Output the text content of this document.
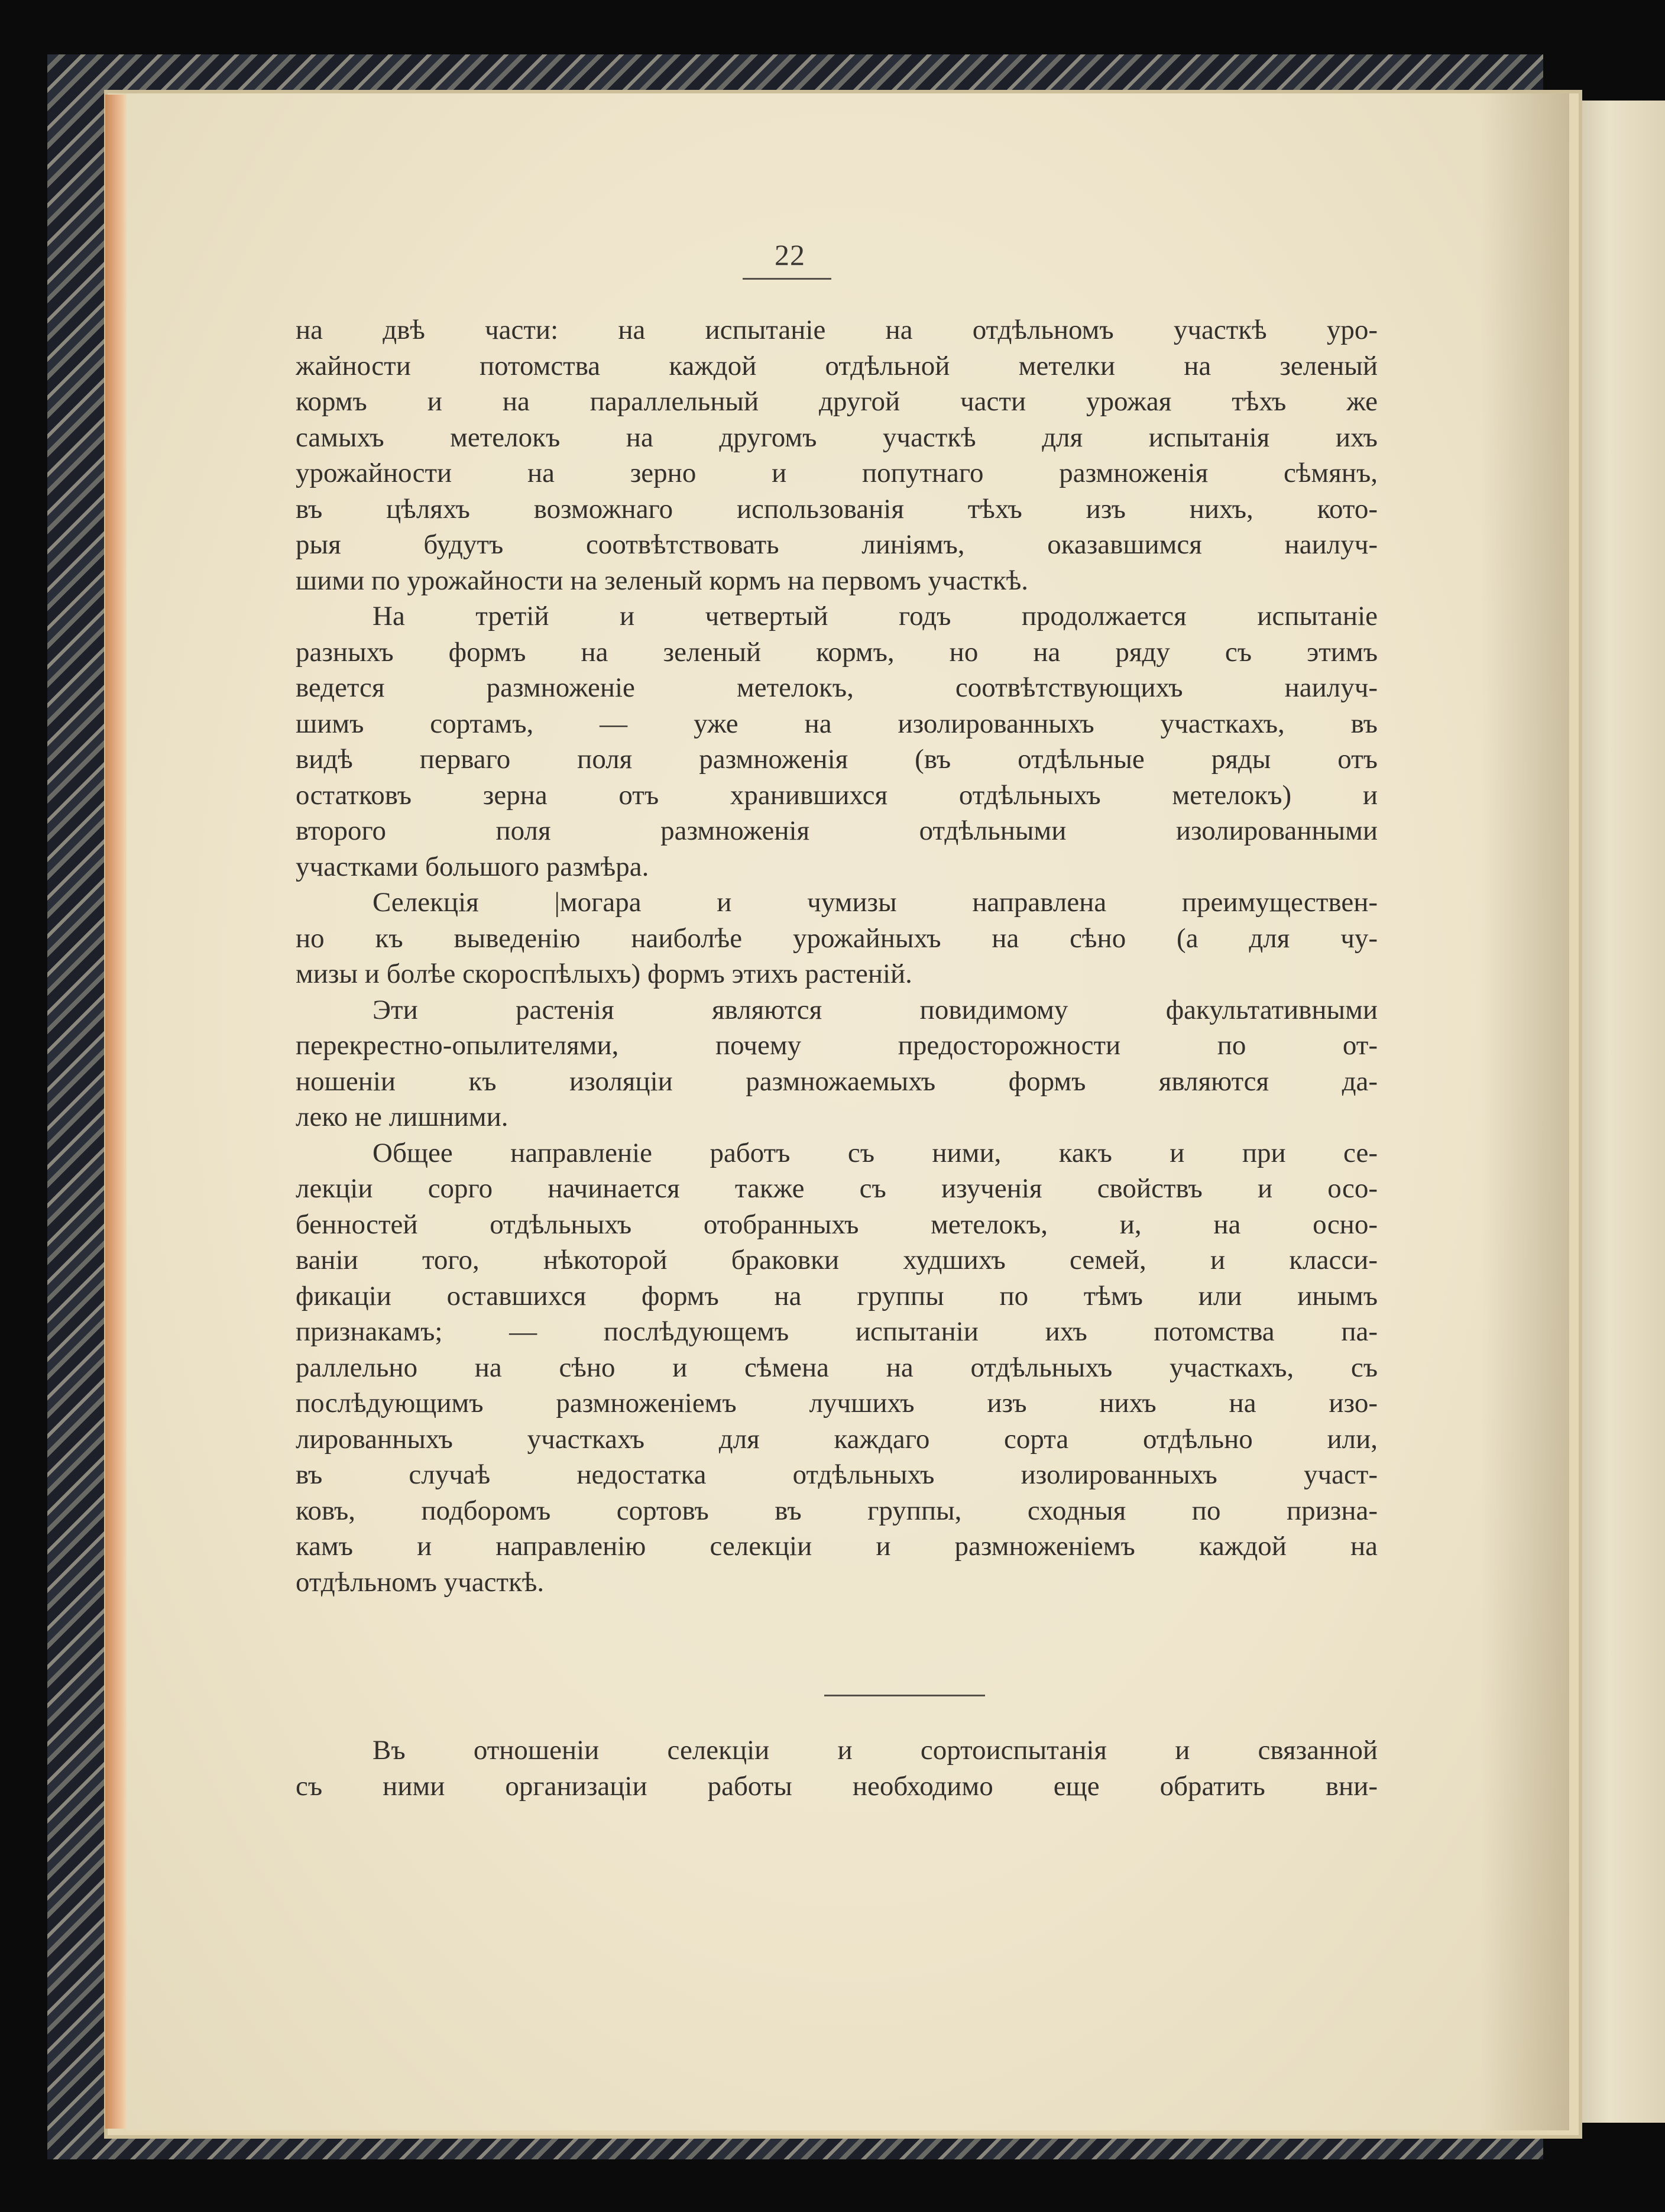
22
на двѣ части: на испытаніе на отдѣльномъ участкѣ уро-
жайности потомства каждой отдѣльной метелки на зеленый
кормъ и на параллельный другой части урожая тѣхъ же
самыхъ метелокъ на другомъ участкѣ для испытанія ихъ
урожайности на зерно и попутнаго размноженія сѣмянъ,
въ цѣляхъ возможнаго использованія тѣхъ изъ нихъ, кото-
рыя будутъ соотвѣтствовать линіямъ, оказавшимся наилуч-
шими по урожайности на зеленый кормъ на первомъ участкѣ.
На третій и четвертый годъ продолжается испытаніе
разныхъ формъ на зеленый кормъ, но на ряду съ этимъ
ведется размноженіе метелокъ, соотвѣтствующихъ наилуч-
шимъ сортамъ, — уже на изолированныхъ участкахъ, въ
видѣ перваго поля размноженія (въ отдѣльные ряды отъ
остатковъ зерна отъ хранившихся отдѣльныхъ метелокъ) и
второго поля размноженія отдѣльными изолированными
участками большого размѣра.
Селекція |могара и чумизы направлена преимуществен-
но къ выведенію наиболѣе урожайныхъ на сѣно (а для чу-
мизы и болѣе скороспѣлыхъ) формъ этихъ растеній.
Эти растенія являются повидимому факультативными
перекрестно-опылителями, почему предосторожности по от-
ношеніи къ изоляціи размножаемыхъ формъ являются да-
леко не лишними.
Общее направленіе работъ съ ними, какъ и при се-
лекціи сорго начинается также съ изученія свойствъ и осо-
бенностей отдѣльныхъ отобранныхъ метелокъ, и, на осно-
ваніи того, нѣкоторой браковки худшихъ семей, и класси-
фикаціи оставшихся формъ на группы по тѣмъ или инымъ
признакамъ; — послѣдующемъ испытаніи ихъ потомства па-
раллельно на сѣно и сѣмена на отдѣльныхъ участкахъ, съ
послѣдующимъ размноженіемъ лучшихъ изъ нихъ на изо-
лированныхъ участкахъ для каждаго сорта отдѣльно или,
въ случаѣ недостатка отдѣльныхъ изолированныхъ участ-
ковъ, подборомъ сортовъ въ группы, сходныя по призна-
камъ и направленію селекціи и размноженіемъ каждой на
отдѣльномъ участкѣ.
Въ отношеніи селекціи и сортоиспытанія и связанной
съ ними организаціи работы необходимо еще обратить вни-
